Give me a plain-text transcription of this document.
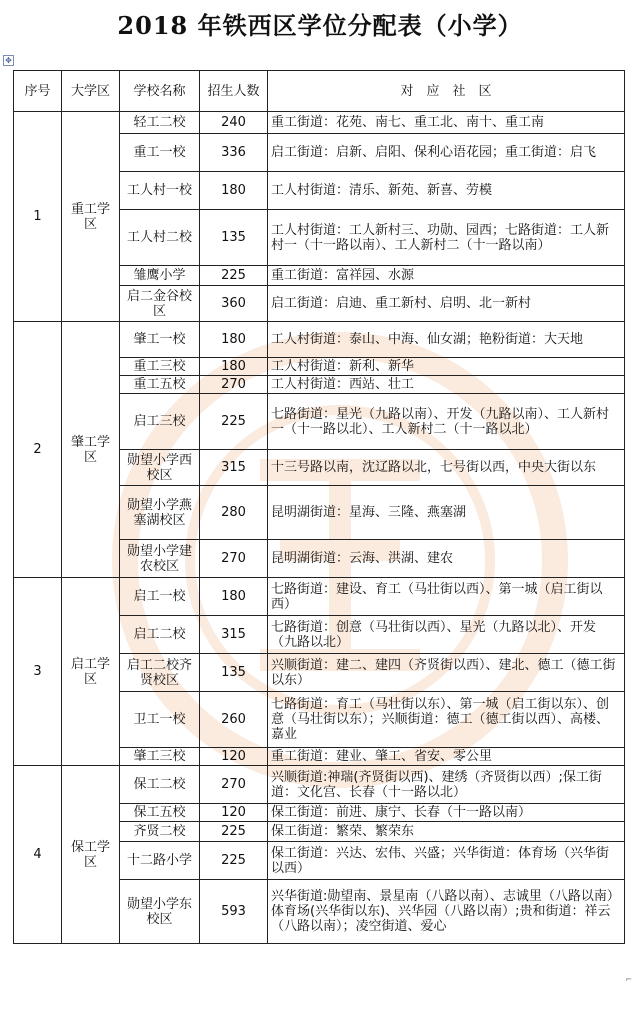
2018 年铁西区学位分配表（小学）
✥
序号	大学区	学校名称	招生人数	对　应　社　区
1	重工学区	轻工二校	240	重工街道：花苑、南七、重工北、南十、重工南
		重工一校	336	启工街道：启新、启阳、保利心语花园；重工街道：启飞
		工人村一校	180	工人村街道：清乐、新苑、新喜、劳模
		工人村二校	135	工人村街道：工人新村三、功勋、园西；七路街道：工人新村一（十一路以南）、工人新村二（十一路以南）
		雏鹰小学	225	重工街道：富祥园、水源
		启二金谷校区	360	启工街道：启迪、重工新村、启明、北一新村
2	肇工学区	肇工一校	180	工人村街道：泰山、中海、仙女湖；艳粉街道：大天地
		重工三校	180	工人村街道：新利、新华
		重工五校	270	工人村街道：西站、壮工
		启工三校	225	七路街道：星光（九路以南）、开发（九路以南）、工人新村一（十一路以北）、工人新村二（十一路以北）
		勋望小学西校区	315	十三号路以南，沈辽路以北，七号街以西，中央大街以东
		勋望小学燕塞湖校区	280	昆明湖街道：星海、三隆、燕塞湖
		勋望小学建农校区	270	昆明湖街道：云海、洪湖、建农
3	启工学区	启工一校	180	七路街道：建设、育工（马壮街以西）、第一城（启工街以西）
		启工二校	315	七路街道：创意（马壮街以西）、星光（九路以北）、开发（九路以北）
		启工二校齐贤校区	135	兴顺街道：建二、建四（齐贤街以西）、建北、德工（德工街以东）
		卫工一校	260	七路街道：育工（马壮街以东）、第一城（启工街以东）、创意（马壮街以东）；兴顺街道：德工（德工街以西）、高楼、嘉业
		肇工三校	120	重工街道：建业、肇工、省安、零公里
4	保工学区	保工二校	270	兴顺街道:神瑞(齐贤街以西)、建绣（齐贤街以西）;保工街道：文化宫、长春（十一路以北）
		保工五校	120	保工街道：前进、康宁、长春（十一路以南）
		齐贤二校	225	保工街道：繁荣、繁荣东
		十二路小学	225	保工街道：兴达、宏伟、兴盛；兴华街道：体育场（兴华街以西）
		勋望小学东校区	593	兴华街道:勋望南、景星南（八路以南）、志诚里（八路以南）体育场(兴华街以东)、兴华园（八路以南）;贵和街道：祥云（八路以南）；凌空街道、爱心
⌐
